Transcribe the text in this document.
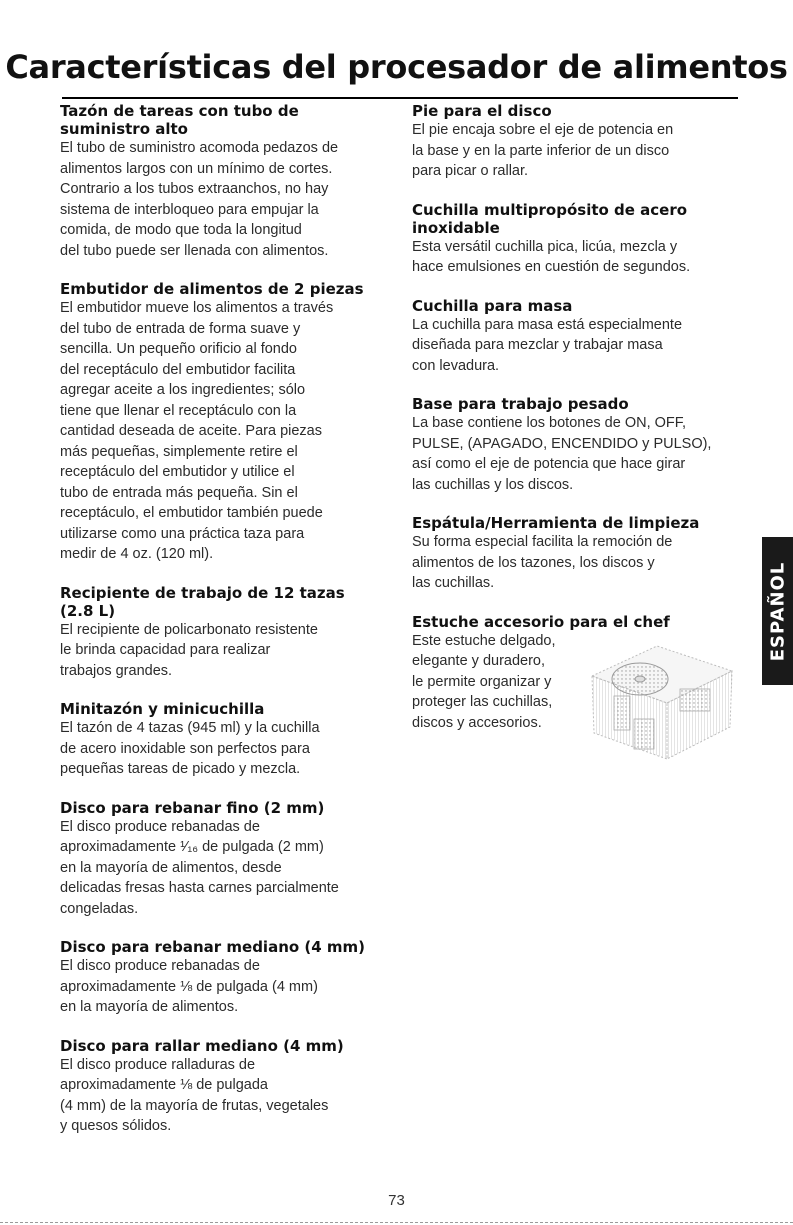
Características del procesador de alimentos
Tazón de tareas con tubo de
suministro alto

El tubo de suministro acomoda pedazos de
alimentos largos con un mínimo de cortes.
Contrario a los tubos extraanchos, no hay
sistema de interbloqueo para empujar la
comida, de modo que toda la longitud
del tubo puede ser llenada con alimentos.

Embutidor de alimentos de 2 piezas

El embutidor mueve los alimentos a través
del tubo de entrada de forma suave y
sencilla. Un pequeño orificio al fondo
del receptáculo del embutidor facilita
agregar aceite a los ingredientes; sólo
tiene que llenar el receptáculo con la
cantidad deseada de aceite. Para piezas
más pequeñas, simplemente retire el
receptáculo del embutidor y utilice el
tubo de entrada más pequeña. Sin el
receptáculo, el embutidor también puede
utilizarse como una práctica taza para
medir de 4 oz. (120 ml).

Recipiente de trabajo de 12 tazas (2.8 L)

El recipiente de policarbonato resistente
le brinda capacidad para realizar
trabajos grandes.

Minitazón y minicuchilla

El tazón de 4 tazas (945 ml) y la cuchilla
de acero inoxidable son perfectos para
pequeñas tareas de picado y mezcla.

Disco para rebanar fino (2 mm)

El disco produce rebanadas de
aproximadamente ¹⁄₁₆ de pulgada (2 mm)
en la mayoría de alimentos, desde
delicadas fresas hasta carnes parcialmente
congeladas.

Disco para rebanar mediano (4 mm)

El disco produce rebanadas de
aproximadamente ⅛ de pulgada (4 mm)
en la mayoría de alimentos.

Disco para rallar mediano (4 mm)

El disco produce ralladuras de
aproximadamente ⅛ de pulgada
(4 mm) de la mayoría de frutas, vegetales
y quesos sólidos.

Pie para el disco

El pie encaja sobre el eje de potencia en
la base y en la parte inferior de un disco
para picar o rallar.

Cuchilla multipropósito de acero
inoxidable

Esta versátil cuchilla pica, licúa, mezcla y
hace emulsiones en cuestión de segundos.

Cuchilla para masa

La cuchilla para masa está especialmente
diseñada para mezclar y trabajar masa
con levadura.

Base para trabajo pesado

La base contiene los botones de ON, OFF,
PULSE, (APAGADO, ENCENDIDO y PULSO),
así como el eje de potencia que hace girar
las cuchillas y los discos.

Espátula/Herramienta de limpieza

Su forma especial facilita la remoción de
alimentos de los tazones, los discos y
las cuchillas.

Estuche accesorio para el chef

Este estuche delgado,
elegante y duradero,
le permite organizar y
proteger las cuchillas,
discos y accesorios.

ESPAÑOL
73
